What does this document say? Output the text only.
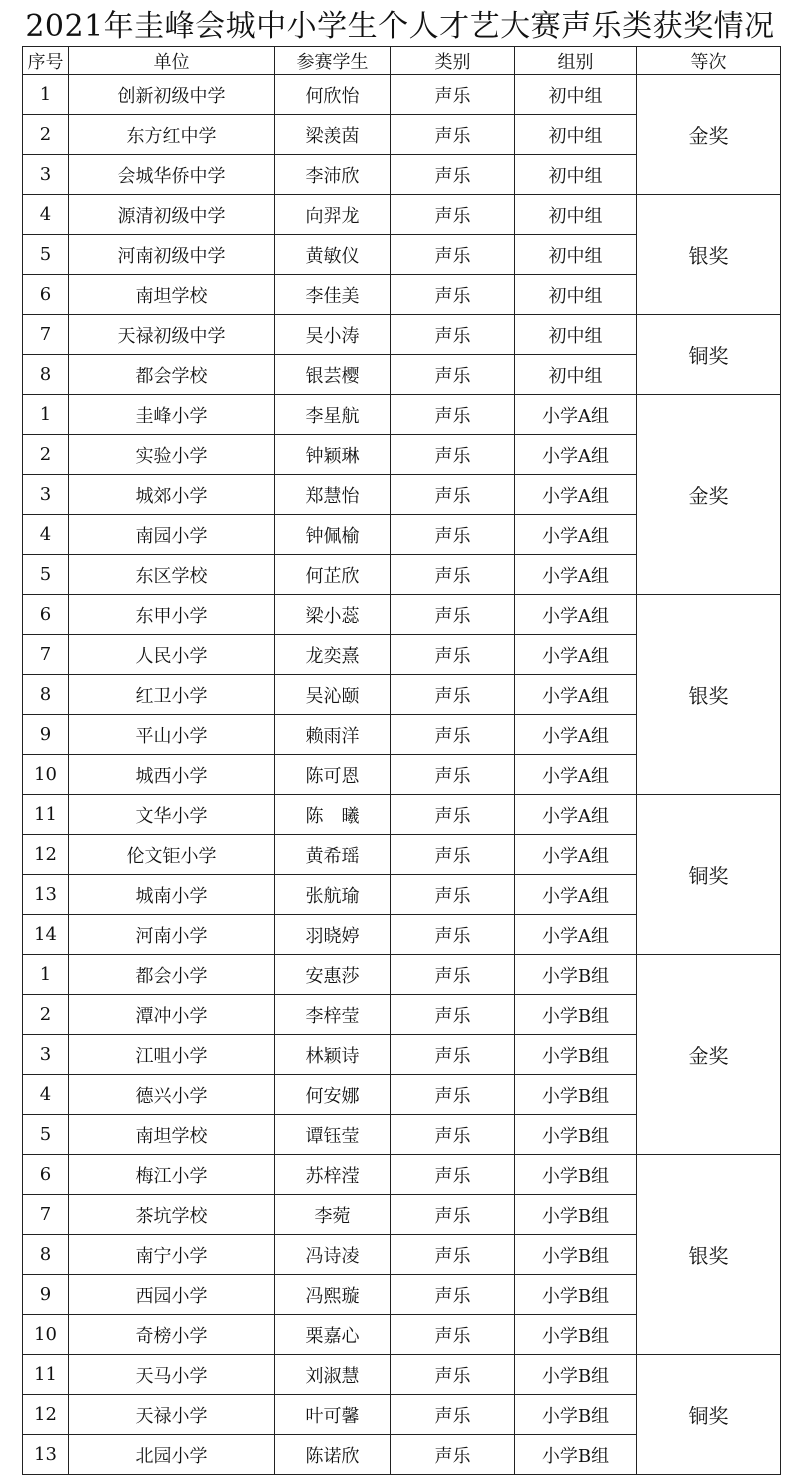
2021年圭峰会城中小学生个人才艺大赛声乐类获奖情况
序号	单位	参赛学生	类别	组别	等次
1	创新初级中学	何欣怡	声乐	初中组	金奖
2	东方红中学	梁羡茵	声乐	初中组	
3	会城华侨中学	李沛欣	声乐	初中组	
4	源清初级中学	向羿龙	声乐	初中组	银奖
5	河南初级中学	黄敏仪	声乐	初中组	
6	南坦学校	李佳美	声乐	初中组	
7	天禄初级中学	吴小涛	声乐	初中组	铜奖
8	都会学校	银芸樱	声乐	初中组	
1	圭峰小学	李星航	声乐	小学A组	金奖
2	实验小学	钟颖琳	声乐	小学A组	
3	城郊小学	郑慧怡	声乐	小学A组	
4	南园小学	钟佩榆	声乐	小学A组	
5	东区学校	何芷欣	声乐	小学A组	
6	东甲小学	梁小蕊	声乐	小学A组	银奖
7	人民小学	龙奕熹	声乐	小学A组	
8	红卫小学	吴沁颐	声乐	小学A组	
9	平山小学	赖雨洋	声乐	小学A组	
10	城西小学	陈可恩	声乐	小学A组	
11	文华小学	陈　曦	声乐	小学A组	铜奖
12	伦文钜小学	黄希瑶	声乐	小学A组	
13	城南小学	张航瑜	声乐	小学A组	
14	河南小学	羽晓婷	声乐	小学A组	
1	都会小学	安惠莎	声乐	小学B组	金奖
2	潭冲小学	李梓莹	声乐	小学B组	
3	江咀小学	林颖诗	声乐	小学B组	
4	德兴小学	何安娜	声乐	小学B组	
5	南坦学校	谭钰莹	声乐	小学B组	
6	梅江小学	苏梓滢	声乐	小学B组	银奖
7	茶坑学校	李菀	声乐	小学B组	
8	南宁小学	冯诗凌	声乐	小学B组	
9	西园小学	冯熙璇	声乐	小学B组	
10	奇榜小学	栗嘉心	声乐	小学B组	
11	天马小学	刘淑慧	声乐	小学B组	铜奖
12	天禄小学	叶可馨	声乐	小学B组	
13	北园小学	陈诺欣	声乐	小学B组	
